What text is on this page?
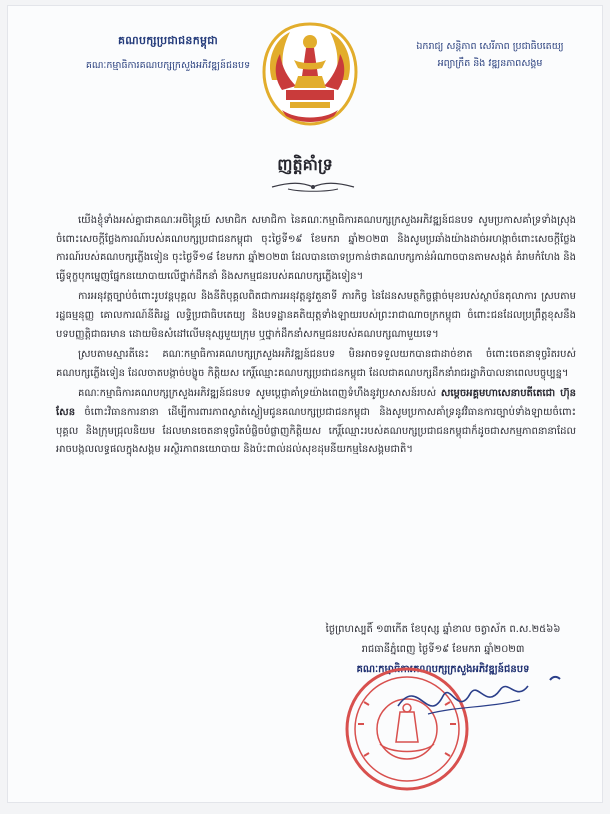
គណបក្សប្រជាជនកម្ពុជា
គណៈកម្មាធិការគណបក្សក្រសួងអភិវឌ្ឍន៍ជនបទ
ឯករាជ្យ សន្តិភាព សេរីភាព ប្រជាធិបតេយ្យ
អព្យាក្រឹត និង វឌ្ឍនភាពសង្គម
ញត្តិគាំទ្រ

យើងខ្ញុំទាំងអស់គ្នាជាគណៈអចិន្ត្រៃយ៍ សមាជិក សមាជិកា នៃគណៈកម្មាធិការគណបក្សក្រសួងអភិវឌ្ឍន៍ជនបទ សូមប្រកាសគាំទ្រទាំងស្រុងចំពោះសេចក្តីថ្លែងការណ៍របស់គណបក្សប្រជាជនកម្ពុជា ចុះថ្ងៃទី១៩ ខែមករា ឆ្នាំ២០២៣ និងសូមប្រឆាំងយ៉ាងដាច់អហង្កាចំពោះសេចក្តីថ្លែងការណ៍របស់គណបក្សភ្លើងទៀន ចុះថ្ងៃទី១៨ ខែមករា ឆ្នាំ២០២៣ ដែលបានចោទប្រកាន់ថាគណបក្សកាន់អំណាចបានតាមសង្កត់ គំរាមកំហែង និងធ្វើទុក្ខបុកម្នេញផ្នែកនយោបាយលើថ្នាក់ដឹកនាំ និងសកម្មជនរបស់គណបក្សភ្លើងទៀន។

ការអនុវត្តច្បាប់ចំពោះរូបវន្តបុគ្គល និងនីតិបុគ្គលពិតជាការអនុវត្តនូវតួនាទី ភារកិច្ច នៃដែនសមត្ថកិច្ចផ្តាច់មុខរបស់ស្ថាប័នតុលាការ ស្របតាមរដ្ឋធម្មនុញ្ញ គោលការណ៍នីតិរដ្ឋ លទ្ធិប្រជាធិបតេយ្យ និងបទដ្ឋានគតិយុត្តទាំងឡាយរបស់ព្រះរាជាណាចក្រកម្ពុជា ចំពោះជនដែលប្រព្រឹត្តខុសនឹងបទបញ្ញត្តិជាធរមាន ដោយមិនសំដៅលើមនុស្សមួយក្រុម ឬថ្នាក់ដឹកនាំសកម្មជនរបស់គណបក្សណាមួយទេ។

ស្របតាមស្មារតីនេះ គណៈកម្មាធិការគណបក្សក្រសួងអភិវឌ្ឍន៍ជនបទ មិនអាចទទួលយកបានជាដាច់ខាត ចំពោះចេតនាទុច្ចរិតរបស់គណបក្សភ្លើងទៀន ដែលចាតបង្កាច់បង្ខូច កិត្តិយស កេរ្តិ៍ឈ្មោះគណបក្សប្រជាជនកម្ពុជា ដែលជាគណបក្សដឹកនាំរាជរដ្ឋាភិបាលនាពេលបច្ចុប្បន្ន។

គណៈកម្មាធិការគណបក្សក្រសួងអភិវឌ្ឍន៍ជនបទ សូមប្តេជ្ញាគាំទ្រយ៉ាងពេញទំហឹងនូវប្រសាសន៍របស់ សម្តេចអគ្គមហាសេនាបតីតេជោ ហ៊ុន សែន ចំពោះវិធានការនានា ដើម្បីការពារភាពស្ងាត់ស្ងៀមជូនគណបក្សប្រជាជនកម្ពុជា និងសូមប្រកាសគាំទ្រនូវវិធានការច្បាប់ទាំងឡាយចំពោះបុគ្គល និងក្រុមជ្រុលនិយម ដែលមានចេតនាទុច្ចរិតបំផ្លិចបំផ្លាញកិត្តិយស កេរ្តិ៍ឈ្មោះរបស់គណបក្សប្រជាជនកម្ពុជាក៏ដូចជាសកម្មភាពនានាដែលអាចបង្កលលទ្ធផលក្នុងសង្គម អស្ថិរភាពនយោបាយ និងប៉ះពាល់ដល់សុខដុមនីយកម្មនៃសង្គមជាតិ។

ថ្ងៃព្រហស្បតិ៍ ១៣កើត ខែបុស្ស ឆ្នាំខាល ចត្វាស័ក ព.ស.២៥៦៦
រាជធានីភ្នំពេញ ថ្ងៃទី១៩ ខែមករា ឆ្នាំ២០២៣
គណៈកម្មាធិការគណបក្សក្រសួងអភិវឌ្ឍន៍ជនបទ
